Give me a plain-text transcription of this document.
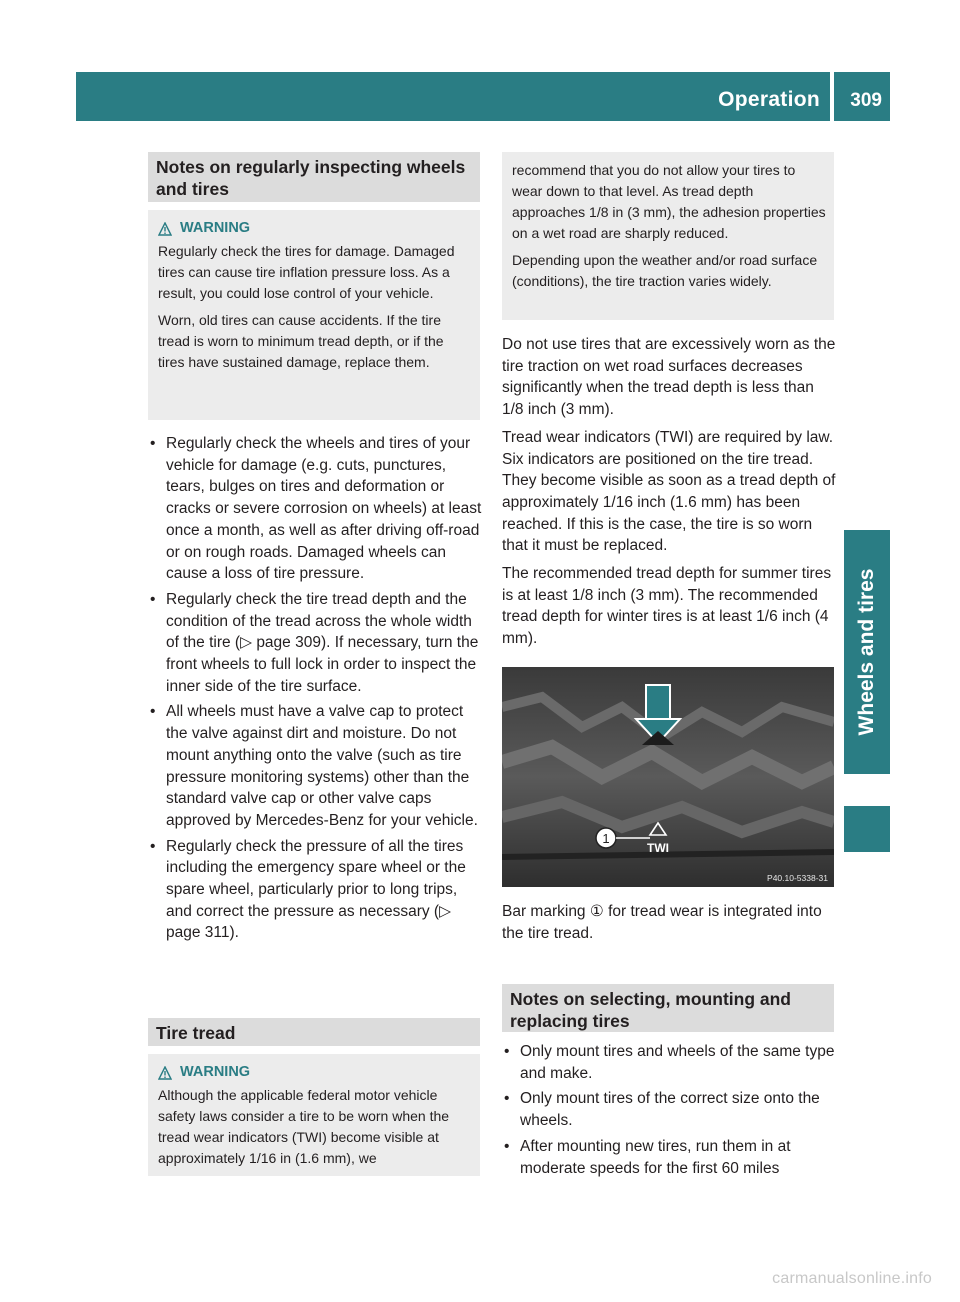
Operation 309
Wheels and tires
Notes on regularly inspecting wheels and tires
WARNING

Regularly check the tires for damage. Damaged tires can cause tire inflation pressure loss. As a result, you could lose control of your vehicle.

Worn, old tires can cause accidents. If the tire tread is worn to minimum tread depth, or if the tires have sustained damage, replace them.

• Regularly check the wheels and tires of your vehicle for damage (e.g. cuts, punctures, tears, bulges on tires and deformation or cracks or severe corrosion on wheels) at least once a month, as well as after driving off-road or on rough roads. Damaged wheels can cause a loss of tire pressure.
• Regularly check the tire tread depth and the condition of the tread across the whole width of the tire (▷ page 309). If necessary, turn the front wheels to full lock in order to inspect the inner side of the tire surface.
• All wheels must have a valve cap to protect the valve against dirt and moisture. Do not mount anything onto the valve (such as tire pressure monitoring systems) other than the standard valve cap or other valve caps approved by Mercedes-Benz for your vehicle.
• Regularly check the pressure of all the tires including the emergency spare wheel or the spare wheel, particularly prior to long trips, and correct the pressure as necessary (▷ page 311).
Tire tread
WARNING

Although the applicable federal motor vehicle safety laws consider a tire to be worn when the tread wear indicators (TWI) become visible at approximately 1/16 in (1.6 mm), we

recommend that you do not allow your tires to wear down to that level. As tread depth approaches 1/8 in (3 mm), the adhesion properties on a wet road are sharply reduced.

Depending upon the weather and/or road surface (conditions), the tire traction varies widely.

Do not use tires that are excessively worn as the tire traction on wet road surfaces decreases significantly when the tread depth is less than 1/8 inch (3 mm).

Tread wear indicators (TWI) are required by law. Six indicators are positioned on the tire tread. They become visible as soon as a tread depth of approximately 1/16 inch (1.6 mm) has been reached. If this is the case, the tire is so worn that it must be replaced.

The recommended tread depth for summer tires is at least 1/8 inch (3 mm). The recommended tread depth for winter tires is at least 1/6 inch (4 mm).

1
TWI
P40.10-5338-31
Bar marking ① for tread wear is integrated into the tire tread.
Notes on selecting, mounting and replacing tires
• Only mount tires and wheels of the same type and make.
• Only mount tires of the correct size onto the wheels.
• After mounting new tires, run them in at moderate speeds for the first 60 miles
carmanualsonline.info
